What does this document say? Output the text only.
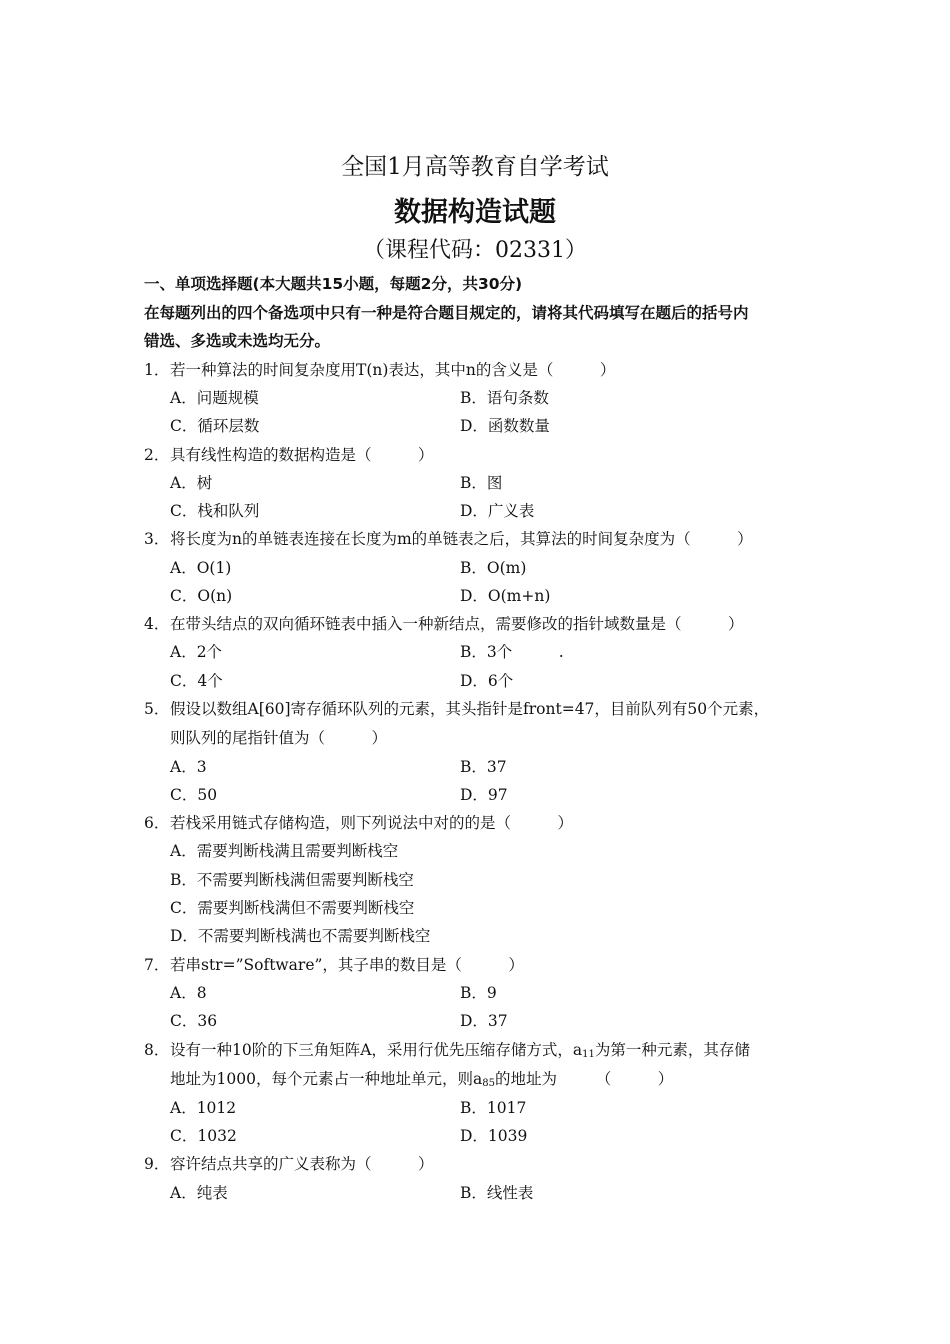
全国1月高等教育自学考试
数据构造试题
（课程代码：02331）
一、单项选择题(本大题共15小题，每题2分，共30分)
在每题列出的四个备选项中只有一种是符合题目规定的，请将其代码填写在题后的括号内
错选、多选或未选均无分。
1．若一种算法的时间复杂度用T(n)表达，其中n的含义是（　　　）
A．问题规模	B．语句条数
C．循环层数	D．函数数量
2．具有线性构造的数据构造是（　　　）
A．树	B．图
C．栈和队列	D．广义表
3．将长度为n的单链表连接在长度为m的单链表之后，其算法的时间复杂度为（　　　）
A．O(1)	B．O(m)
C．O(n)	D．O(m+n)
4．在带头结点的双向循环链表中插入一种新结点，需要修改的指针域数量是（　　　）
A．2个	B．3个　　　.
C．4个	D．6个
5．假设以数组A[60]寄存循环队列的元素，其头指针是front=47，目前队列有50个元素，
则队列的尾指针值为（　　　）
A．3	B．37
C．50	D．97
6．若栈采用链式存储构造，则下列说法中对的的是（　　　）
A．需要判断栈满且需要判断栈空
B．不需要判断栈满但需要判断栈空
C．需要判断栈满但不需要判断栈空
D．不需要判断栈满也不需要判断栈空
7．若串str=”Software”，其子串的数目是（　　　）
A．8	B．9
C．36	D．37
8．设有一种10阶的下三角矩阵A，采用行优先压缩存储方式，$a_{11}$为第一种元素，其存储
地址为1000，每个元素占一种地址单元，则$a_{85}$的地址为　　　（　　　）
A．1012	B．1017
C．1032	D．1039
9．容许结点共享的广义表称为（　　　）
A．纯表	B．线性表
